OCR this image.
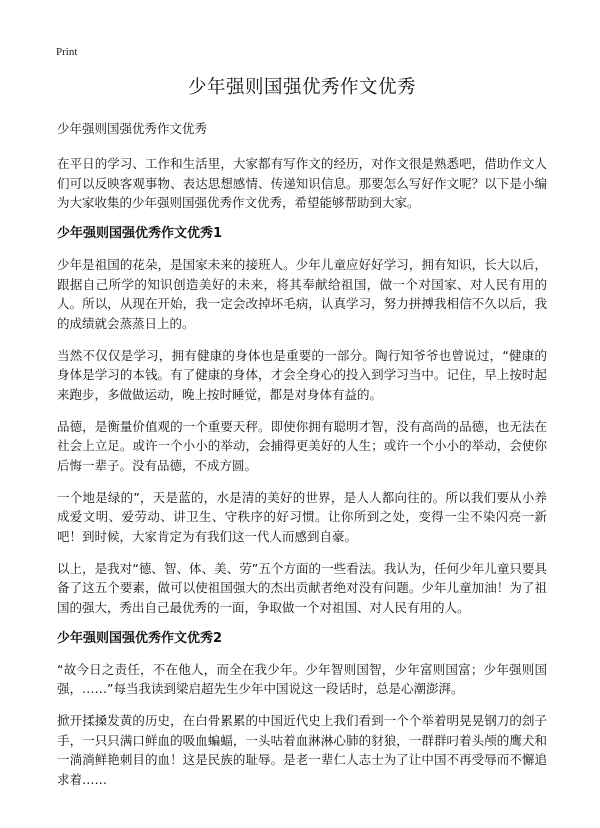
Print
少年强则国强优秀作文优秀
少年强则国强优秀作文优秀

在平日的学习、工作和生活里，大家都有写作文的经历，对作文很是熟悉吧，借助作文人们可以反映客观事物、表达思想感情、传递知识信息。那要怎么写好作文呢？以下是小编为大家收集的少年强则国强优秀作文优秀，希望能够帮助到大家。

少年强则国强优秀作文优秀1

少年是祖国的花朵，是国家未来的接班人。少年儿童应好好学习，拥有知识，长大以后，跟据自己所学的知识创造美好的未来，将其奉献给祖国，做一个对国家、对人民有用的人。所以，从现在开始，我一定会改掉坏毛病，认真学习，努力拼搏我相信不久以后，我的成绩就会蒸蒸日上的。

当然不仅仅是学习，拥有健康的身体也是重要的一部分。陶行知爷爷也曾说过，“健康的身体是学习的本钱。有了健康的身体，才会全身心的投入到学习当中。记住，早上按时起来跑步，多做做运动，晚上按时睡觉，都是对身体有益的。

品德，是衡量价值观的一个重要天秤。即使你拥有聪明才智，没有高尚的品德，也无法在社会上立足。或许一个小小的举动，会捕得更美好的人生；或许一个小小的举动，会使你后悔一辈子。没有品德，不成方圆。

一个地是绿的”，天是蓝的，水是清的美好的世界，是人人都向往的。所以我们要从小养成爱文明、爱劳动、讲卫生、守秩序的好习惯。让你所到之处，变得一尘不染闪亮一新吧！到时候，大家肯定为有我们这一代人而感到自豪。

以上，是我对“德、智、体、美、劳”五个方面的一些看法。我认为，任何少年儿童只要具备了这五个要素，做可以使祖国强大的杰出贡献者绝对没有问题。少年儿童加油！为了祖国的强大，秀出自己最优秀的一面，争取做一个对祖国、对人民有用的人。

少年强则国强优秀作文优秀2

“故今日之责任，不在他人，而全在我少年。少年智则国智，少年富则国富；少年强则国强，……”每当我读到梁启超先生少年中国说这一段话时，总是心潮澎湃。

掀开揉搡发黄的历史，在白骨累累的中国近代史上我们看到一个个举着明晃晃钢刀的刽子手，一只只满口鲜血的吸血蝙蝠，一头咕着血淋淋心肺的豺狼，一群群叼着头颅的鹰犬和一淌淌鲜艳刺目的血！这是民族的耻辱。是老一辈仁人志士为了让中国不再受辱而不懈追求着……
